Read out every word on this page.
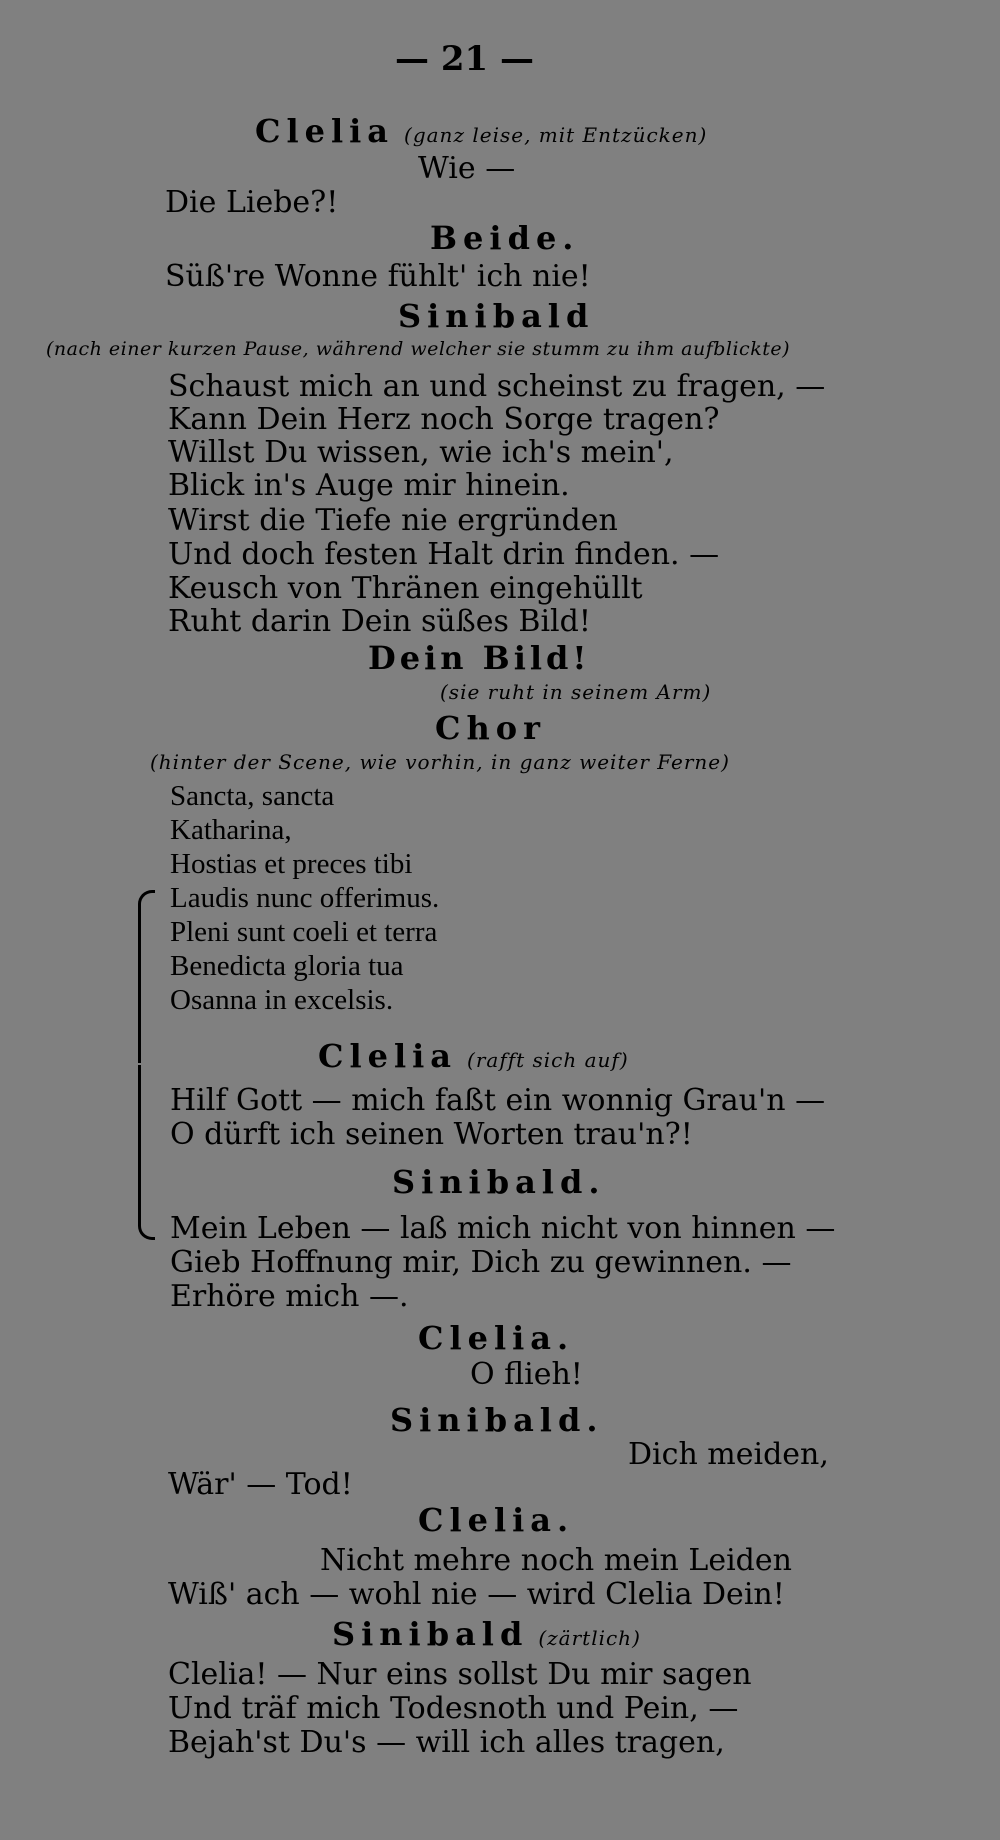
— 21 —
Clelia (ganz leise, mit Entzücken)
Wie —
Die Liebe?!
Beide.
Süß're Wonne fühlt' ich nie!
Sinibald
(nach einer kurzen Pause, während welcher sie stumm zu ihm aufblickte)
Schaust mich an und scheinst zu fragen, —
Kann Dein Herz noch Sorge tragen?
Willst Du wissen, wie ich's mein',
Blick in's Auge mir hinein.
Wirst die Tiefe nie ergründen
Und doch festen Halt drin finden. —
Keusch von Thränen eingehüllt
Ruht darin Dein süßes Bild!
Dein Bild!
(sie ruht in seinem Arm)
Chor
(hinter der Scene, wie vorhin, in ganz weiter Ferne)
Sancta, sancta
Katharina,
Hostias et preces tibi
Laudis nunc offerimus.
Pleni sunt coeli et terra
Benedicta gloria tua
Osanna in excelsis.
Clelia (rafft sich auf)
Hilf Gott — mich faßt ein wonnig Grau'n —
O dürft ich seinen Worten trau'n?!
Sinibald.
Mein Leben — laß mich nicht von hinnen —
Gieb Hoffnung mir, Dich zu gewinnen. —
Erhöre mich —.
Clelia.
O flieh!
Sinibald.
Dich meiden,
Wär' — Tod!
Clelia.
Nicht mehre noch mein Leiden
Wiß' ach — wohl nie — wird Clelia Dein!
Sinibald (zärtlich)
Clelia! — Nur eins sollst Du mir sagen
Und träf mich Todesnoth und Pein, —
Bejah'st Du's — will ich alles tragen,
